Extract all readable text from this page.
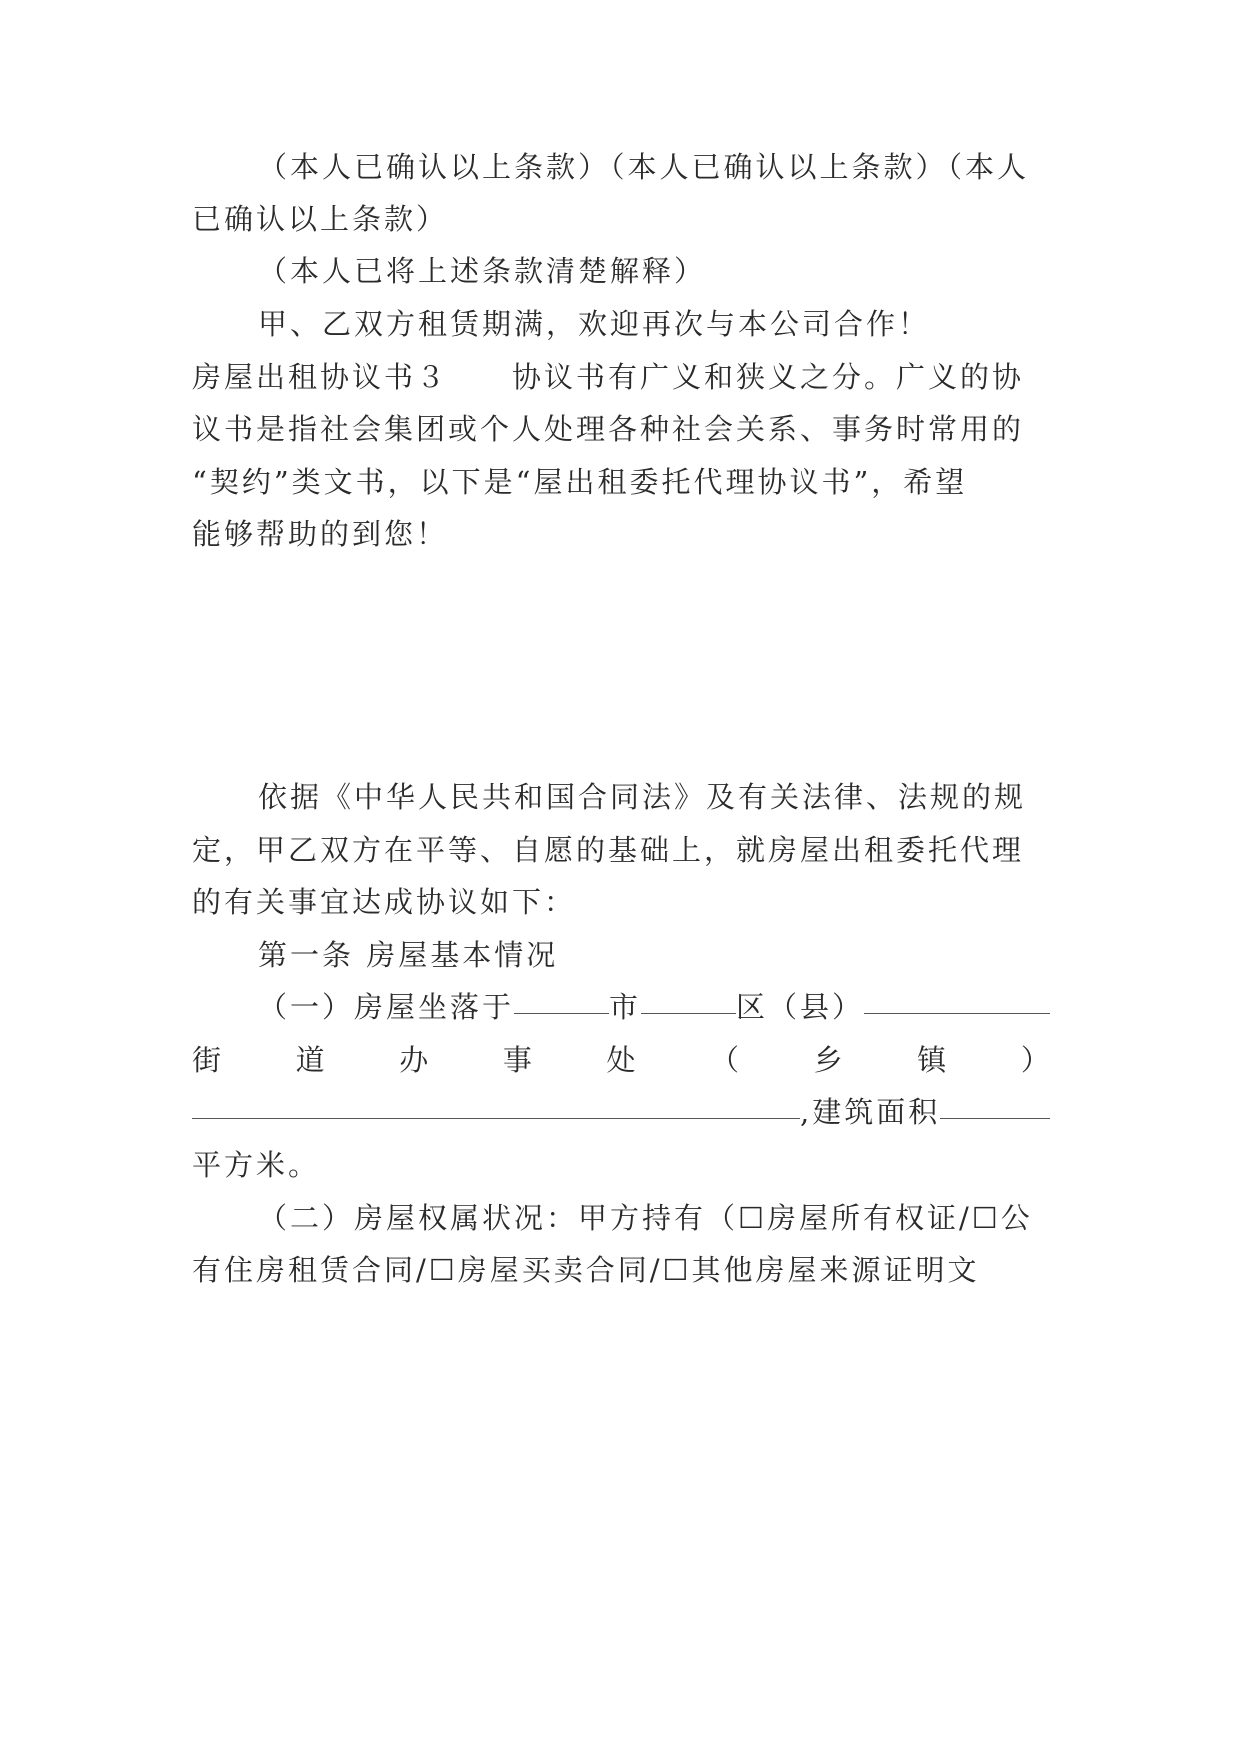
（本人已确认以上条款）（本人已确认以上条款）（本人
已确认以上条款）
（本人已将上述条款清楚解释）
甲、乙双方租赁期满，欢迎再次与本公司合作！
房屋出租协议书３　　协议书有广义和狭义之分。广义的协
议书是指社会集团或个人处理各种社会关系、事务时常用的
“契约”类文书，以下是“屋出租委托代理协议书”，希望
能够帮助的到您！

依据《中华人民共和国合同法》及有关法律、法规的规
定，甲乙双方在平等、自愿的基础上，就房屋出租委托代理
的有关事宜达成协议如下：
第一条 房屋基本情况
（一）房屋坐落于	市	区（县）
街	道	办	事	处	（	乡	镇	）
,建筑面积
平方米。
（二）房屋权属状况：甲方持有（☐房屋所有权证/☐公
有住房租赁合同/☐房屋买卖合同/☐其他房屋来源证明文
